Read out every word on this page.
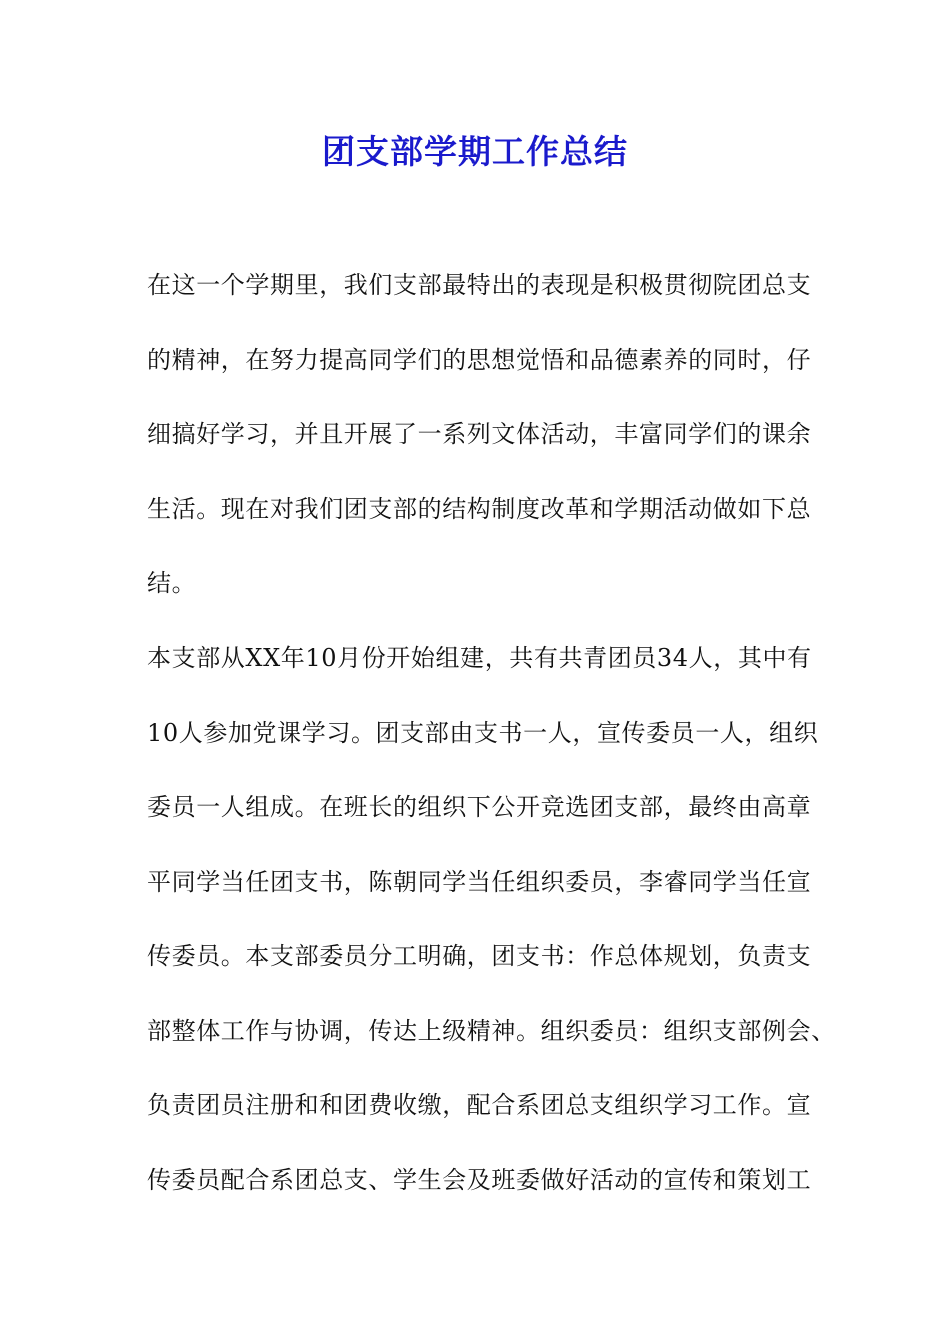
团支部学期工作总结
在这一个学期里，我们支部最特出的表现是积极贯彻院团总支
的精神，在努力提高同学们的思想觉悟和品德素养的同时，仔
细搞好学习，并且开展了一系列文体活动，丰富同学们的课余
生活。现在对我们团支部的结构制度改革和学期活动做如下总
结。
本支部从XX年10月份开始组建，共有共青团员34人，其中有
10人参加党课学习。团支部由支书一人，宣传委员一人，组织
委员一人组成。在班长的组织下公开竞选团支部，最终由高章
平同学当任团支书，陈朝同学当任组织委员，李睿同学当任宣
传委员。本支部委员分工明确，团支书：作总体规划，负责支
部整体工作与协调，传达上级精神。组织委员：组织支部例会、
负责团员注册和和团费收缴，配合系团总支组织学习工作。宣
传委员配合系团总支、学生会及班委做好活动的宣传和策划工
